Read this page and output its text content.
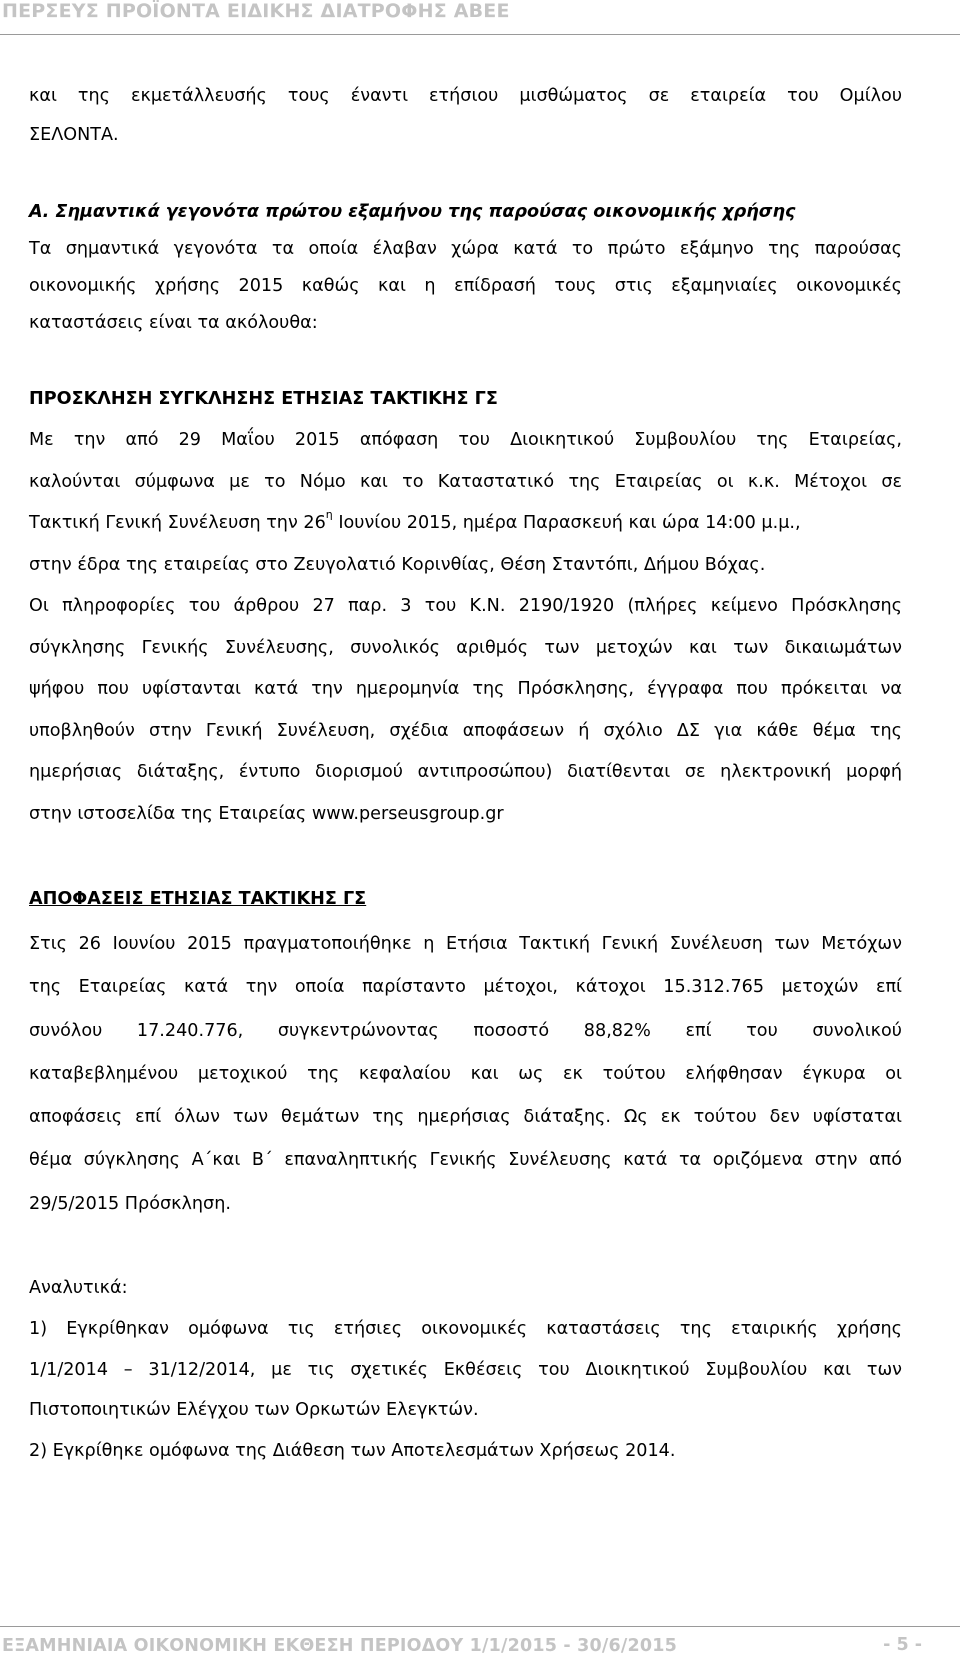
ΠΕΡΣΕΥΣ ΠΡΟΪΟΝΤΑ ΕΙΔΙΚΗΣ ΔΙΑΤΡΟΦΗΣ ΑΒΕΕ
και της εκμετάλλευσής τους έναντι ετήσιου μισθώματος σε εταιρεία του Ομίλου
ΣΕΛΟΝΤΑ.
Α. Σημαντικά γεγονότα πρώτου εξαμήνου της παρούσας οικονομικής χρήσης
Τα σημαντικά γεγονότα τα οποία έλαβαν χώρα κατά το πρώτο εξάμηνο της παρούσας
οικονομικής χρήσης 2015 καθώς και η επίδρασή τους στις εξαμηνιαίες οικονομικές
καταστάσεις είναι τα ακόλουθα:
ΠΡΟΣΚΛΗΣΗ ΣΥΓΚΛΗΣΗΣ ΕΤΗΣΙΑΣ ΤΑΚΤΙΚΗΣ ΓΣ
Με την από 29 Μαΐου 2015 απόφαση του Διοικητικού Συμβουλίου της Εταιρείας,
καλούνται σύμφωνα με το Νόμο και το Καταστατικό της Εταιρείας οι κ.κ. Μέτοχοι σε
Τακτική Γενική Συνέλευση την $26^\eta$ Ιουνίου 2015, ημέρα Παρασκευή και ώρα 14:00 μ.μ.,
στην έδρα της εταιρείας στο Ζευγολατιό Κορινθίας, Θέση Σταντόπι, Δήμου Βόχας.
Οι πληροφορίες του άρθρου 27 παρ. 3 του Κ.Ν. 2190/1920 (πλήρες κείμενο Πρόσκλησης
σύγκλησης Γενικής Συνέλευσης, συνολικός αριθμός των μετοχών και των δικαιωμάτων
ψήφου που υφίστανται κατά την ημερομηνία της Πρόσκλησης, έγγραφα που πρόκειται να
υποβληθούν στην Γενική Συνέλευση, σχέδια αποφάσεων ή σχόλιο ΔΣ για κάθε θέμα της
ημερήσιας διάταξης, έντυπο διορισμού αντιπροσώπου) διατίθενται σε ηλεκτρονική μορφή
στην ιστοσελίδα της Εταιρείας www.perseusgroup.gr
ΑΠΟΦΑΣΕΙΣ ΕΤΗΣΙΑΣ ΤΑΚΤΙΚΗΣ ΓΣ
Στις 26 Ιουνίου 2015 πραγματοποιήθηκε η Ετήσια Τακτική Γενική Συνέλευση των Μετόχων
της Εταιρείας κατά την οποία παρίσταντο μέτοχοι, κάτοχοι 15.312.765 μετοχών επί
συνόλου 17.240.776, συγκεντρώνοντας ποσοστό 88,82% επί του συνολικού
καταβεβλημένου μετοχικού της κεφαλαίου και ως εκ τούτου ελήφθησαν έγκυρα οι
αποφάσεις επί όλων των θεμάτων της ημερήσιας διάταξης. Ως εκ τούτου δεν υφίσταται
θέμα σύγκλησης Α΄και Β΄ επαναληπτικής Γενικής Συνέλευσης κατά τα οριζόμενα στην από
29/5/2015 Πρόσκληση.
Αναλυτικά:
1) Εγκρίθηκαν ομόφωνα τις ετήσιες οικονομικές καταστάσεις της εταιρικής χρήσης
1/1/2014 – 31/12/2014, με τις σχετικές Εκθέσεις του Διοικητικού Συμβουλίου και των
Πιστοποιητικών Ελέγχου των Ορκωτών Ελεγκτών.
2) Εγκρίθηκε ομόφωνα της Διάθεση των Αποτελεσμάτων Χρήσεως 2014.
ΕΞΑΜΗΝΙΑΙΑ ΟΙΚΟΝΟΜΙΚΗ ΕΚΘΕΣΗ ΠΕΡΙΟΔΟΥ 1/1/2015 - 30/6/2015	- 5 -
